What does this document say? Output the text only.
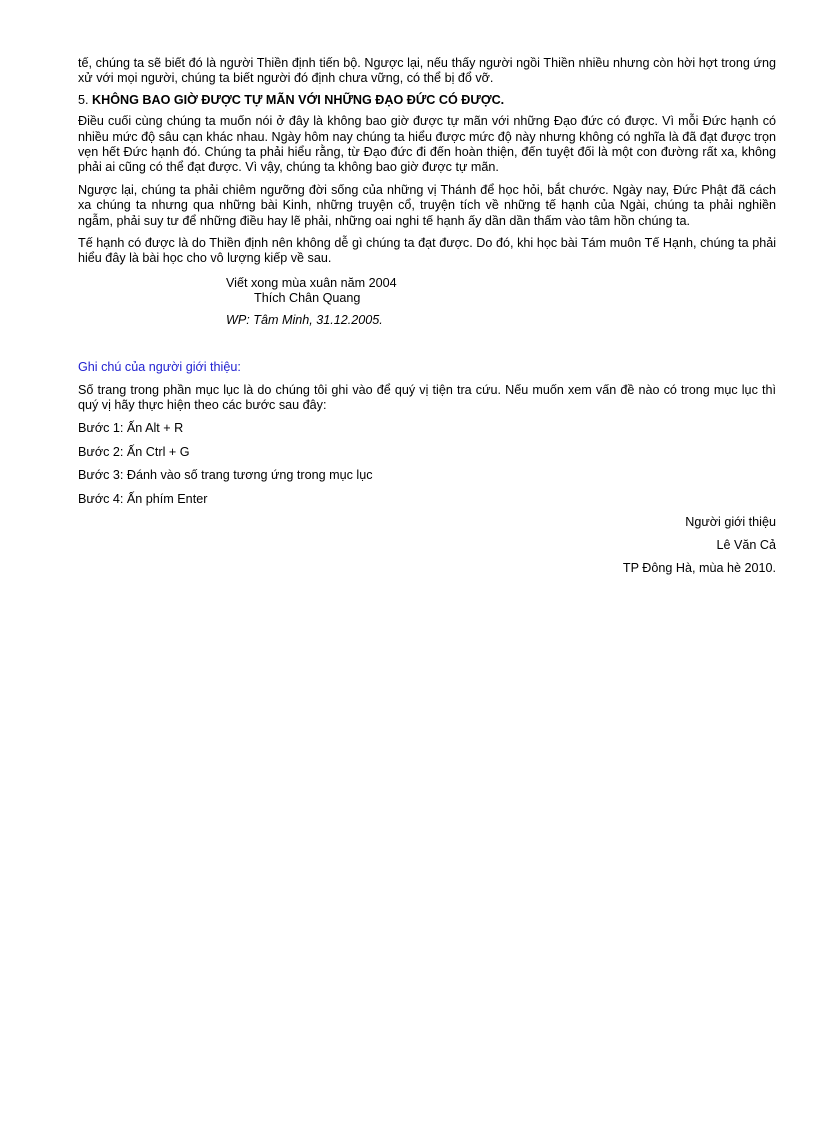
tế, chúng ta sẽ biết đó là người Thiền định tiến bộ. Ngược lại, nếu thấy người ngồi Thiền nhiều nhưng còn hời hợt trong ứng xử với mọi người, chúng ta biết người đó định chưa vững, có thể bị đổ vỡ.

5. KHÔNG BAO GIỜ ĐƯỢC TỰ MÃN VỚI NHỮNG ĐẠO ĐỨC CÓ ĐƯỢC.

Điều cuối cùng chúng ta muốn nói ở đây là không bao giờ được tự mãn với những Đạo đức có được. Vì mỗi Đức hạnh có nhiều mức độ sâu cạn khác nhau. Ngày hôm nay chúng ta hiểu được mức độ này nhưng không có nghĩa là đã đạt được trọn vẹn hết Đức hạnh đó. Chúng ta phải hiểu rằng, từ Đạo đức đi đến hoàn thiện, đến tuyệt đối là một con đường rất xa, không phải ai cũng có thể đạt được. Vì vậy, chúng ta không bao giờ được tự mãn.

Ngược lại, chúng ta phải chiêm ngưỡng đời sống của những vị Thánh để học hỏi, bắt chước. Ngày nay, Đức Phật đã cách xa chúng ta nhưng qua những bài Kinh, những truyện cổ, truyện tích về những tế hạnh của Ngài, chúng ta phải nghiền ngẫm, phải suy tư để những điều hay lẽ phải, những oai nghi tế hạnh ấy dần dần thấm vào tâm hồn chúng ta.

Tế hạnh có được là do Thiền định nên không dễ gì chúng ta đạt được. Do đó, khi học bài Tám muôn Tế Hạnh, chúng ta phải hiểu đây là bài học cho vô lượng kiếp về sau.

Viết xong mùa xuân năm 2004
Thích Chân Quang
WP: Tâm Minh, 31.12.2005.

Ghi chú của người giới thiệu:

Số trang trong phần mục lục là do chúng tôi ghi vào để quý vị tiện tra cứu. Nếu muốn xem vấn đề nào có trong mục lục thì quý vị hãy thực hiện theo các bước sau đây:

Bước 1: Ấn Alt + R

Bước 2: Ấn Ctrl + G

Bước 3: Đánh vào số trang tương ứng trong mục lục

Bước 4: Ấn phím Enter

Người giới thiệu
Lê Văn Cả
TP Đông Hà, mùa hè 2010.
